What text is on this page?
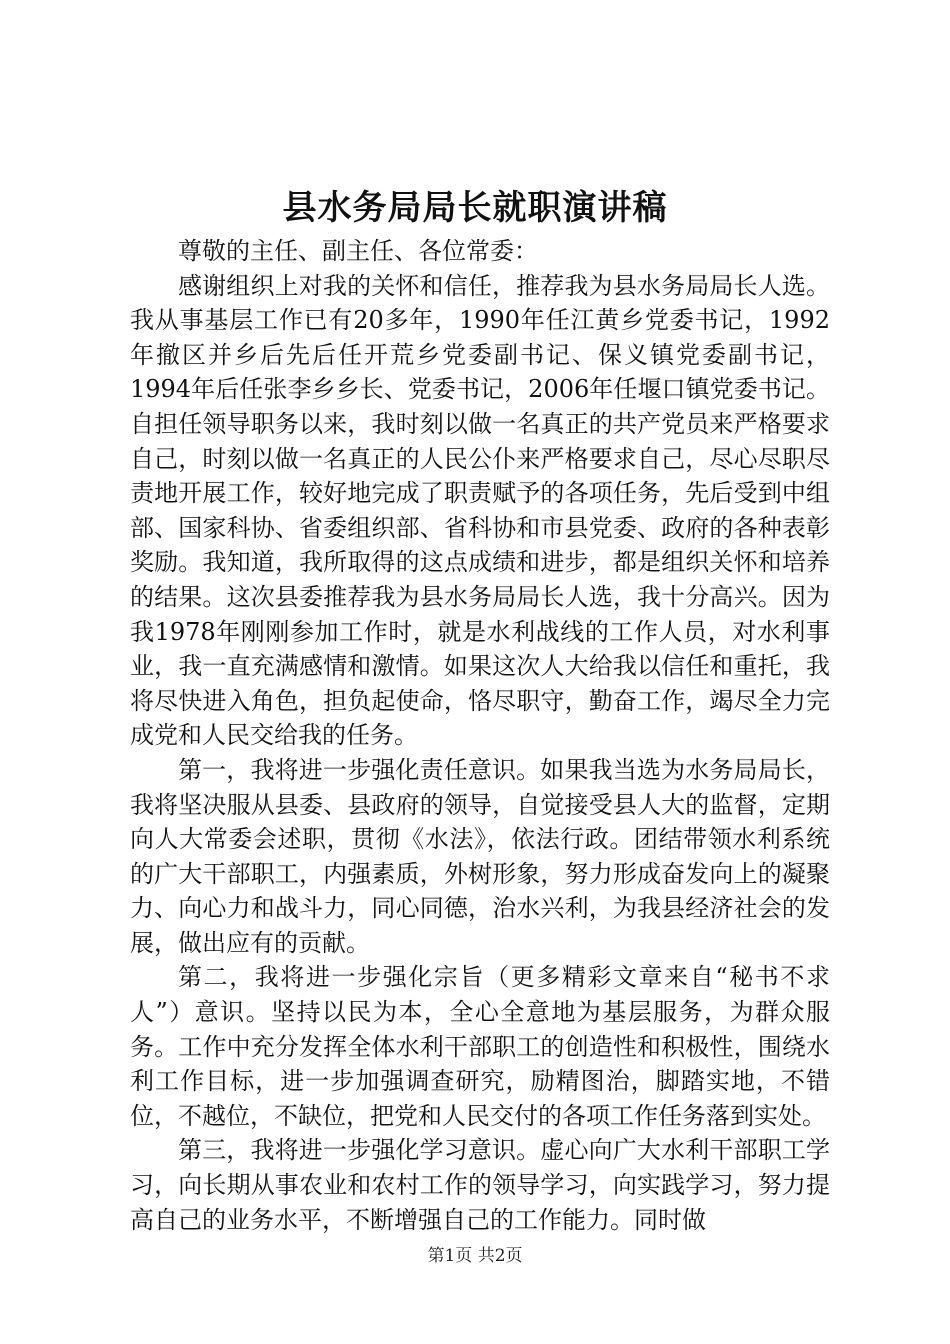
县水务局局长就职演讲稿

尊敬的主任、副主任、各位常委：

感谢组织上对我的关怀和信任，推荐我为县水务局局长人选。我从事基层工作已有20多年，1990年任江黄乡党委书记，1992年撤区并乡后先后任开荒乡党委副书记、保义镇党委副书记，1994年后任张李乡乡长、党委书记，2006年任堰口镇党委书记。自担任领导职务以来，我时刻以做一名真正的共产党员来严格要求自己，时刻以做一名真正的人民公仆来严格要求自己，尽心尽职尽责地开展工作，较好地完成了职责赋予的各项任务，先后受到中组部、国家科协、省委组织部、省科协和市县党委、政府的各种表彰奖励。我知道，我所取得的这点成绩和进步，都是组织关怀和培养的结果。这次县委推荐我为县水务局局长人选，我十分高兴。因为我1978年刚刚参加工作时，就是水利战线的工作人员，对水利事业，我一直充满感情和激情。如果这次人大给我以信任和重托，我将尽快进入角色，担负起使命，恪尽职守，勤奋工作，竭尽全力完成党和人民交给我的任务。

第一，我将进一步强化责任意识。如果我当选为水务局局长，我将坚决服从县委、县政府的领导，自觉接受县人大的监督，定期向人大常委会述职，贯彻《水法》，依法行政。团结带领水利系统的广大干部职工，内强素质，外树形象，努力形成奋发向上的凝聚力、向心力和战斗力，同心同德，治水兴利，为我县经济社会的发展，做出应有的贡献。

第二，我将进一步强化宗旨（更多精彩文章来自“秘书不求人”）意识。坚持以民为本，全心全意地为基层服务，为群众服务。工作中充分发挥全体水利干部职工的创造性和积极性，围绕水利工作目标，进一步加强调查研究，励精图治，脚踏实地，不错位，不越位，不缺位，把党和人民交付的各项工作任务落到实处。

第三，我将进一步强化学习意识。虚心向广大水利干部职工学习，向长期从事农业和农村工作的领导学习，向实践学习，努力提高自己的业务水平，不断增强自己的工作能力。同时做

第1页 共2页
